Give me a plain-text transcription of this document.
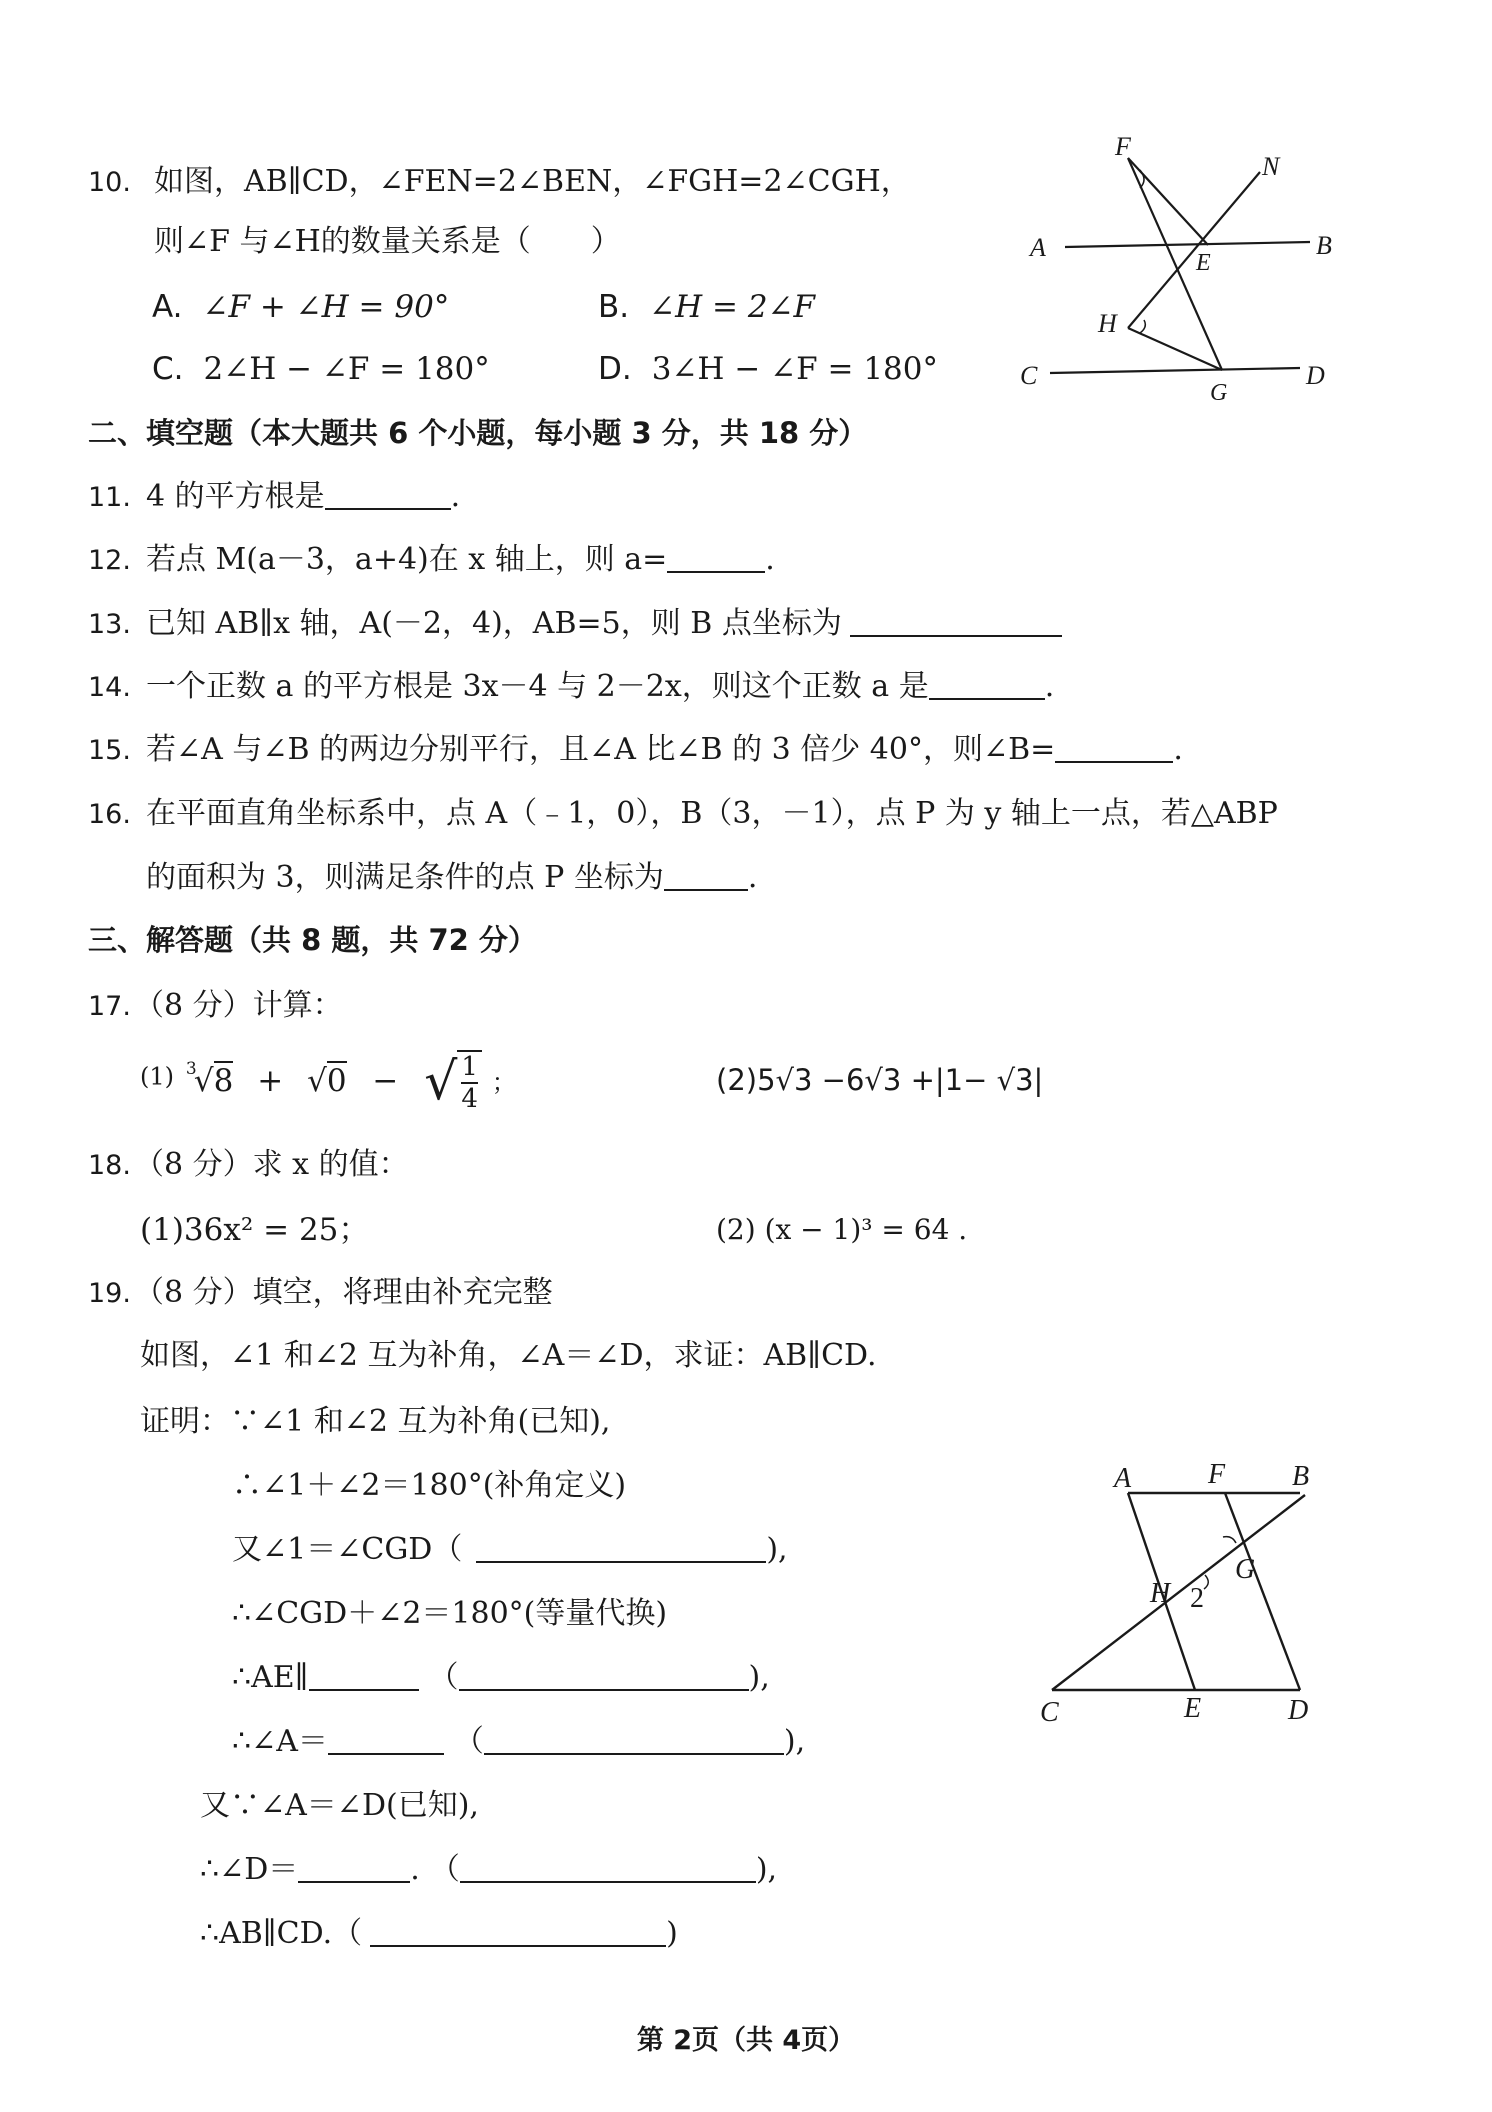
10. 如图，AB∥CD，∠FEN=2∠BEN，∠FGH=2∠CGH，
则∠F 与∠H的数量关系是（　　）
A. ∠F + ∠H = 90°	B. ∠H = 2∠F
C. 2∠H − ∠F = 180°	D. 3∠H − ∠F = 180°
F
N
A
E
B
H
C
G
D
二、填空题（本大题共 6 个小题，每小题 3 分，共 18 分）
11. 4 的平方根是	.
12. 若点 M(a－3，a+4)在 x 轴上，则 a=	.
13. 已知 AB∥x 轴，A(－2，4)，AB=5，则 B 点坐标为
14. 一个正数 a 的平方根是 3x－4 与 2－2x，则这个正数 a 是	.
15. 若∠A 与∠B 的两边分别平行，且∠A 比∠B 的 3 倍少 40°，则∠B=	.
16. 在平面直角坐标系中，点 A（﹣1，0），B（3，－1），点 P 为 y 轴上一点，若△ABP
的面积为 3，则满足条件的点 P 坐标为	.
三、解答题（共 8 题，共 72 分）
17. （8 分）计算：
(1) 3
√8 + √0 − √ $\frac{1}{4}$ ；	(2)5√3 −6√3 +|1− √3|
18. （8 分）求 x 的值：
(1)36x² = 25；	(2) (x − 1)³ = 64 .
19. （8 分）填空，将理由补充完整
如图，∠1 和∠2 互为补角，∠A＝∠D，求证：AB∥CD.
证明：∵∠1 和∠2 互为补角(已知),
∴∠1＋∠2＝180°(补角定义)
又∠1＝∠CGD（	),
∴∠CGD＋∠2＝180°(等量代换)
∴AE∥	（	),
∴∠A＝	（	),
又∵∠A＝∠D(已知),
∴∠D＝	. （	),
∴AB∥CD.（	)
A	F B
G
H 2
C	E	D
第 2页（共 4页）
